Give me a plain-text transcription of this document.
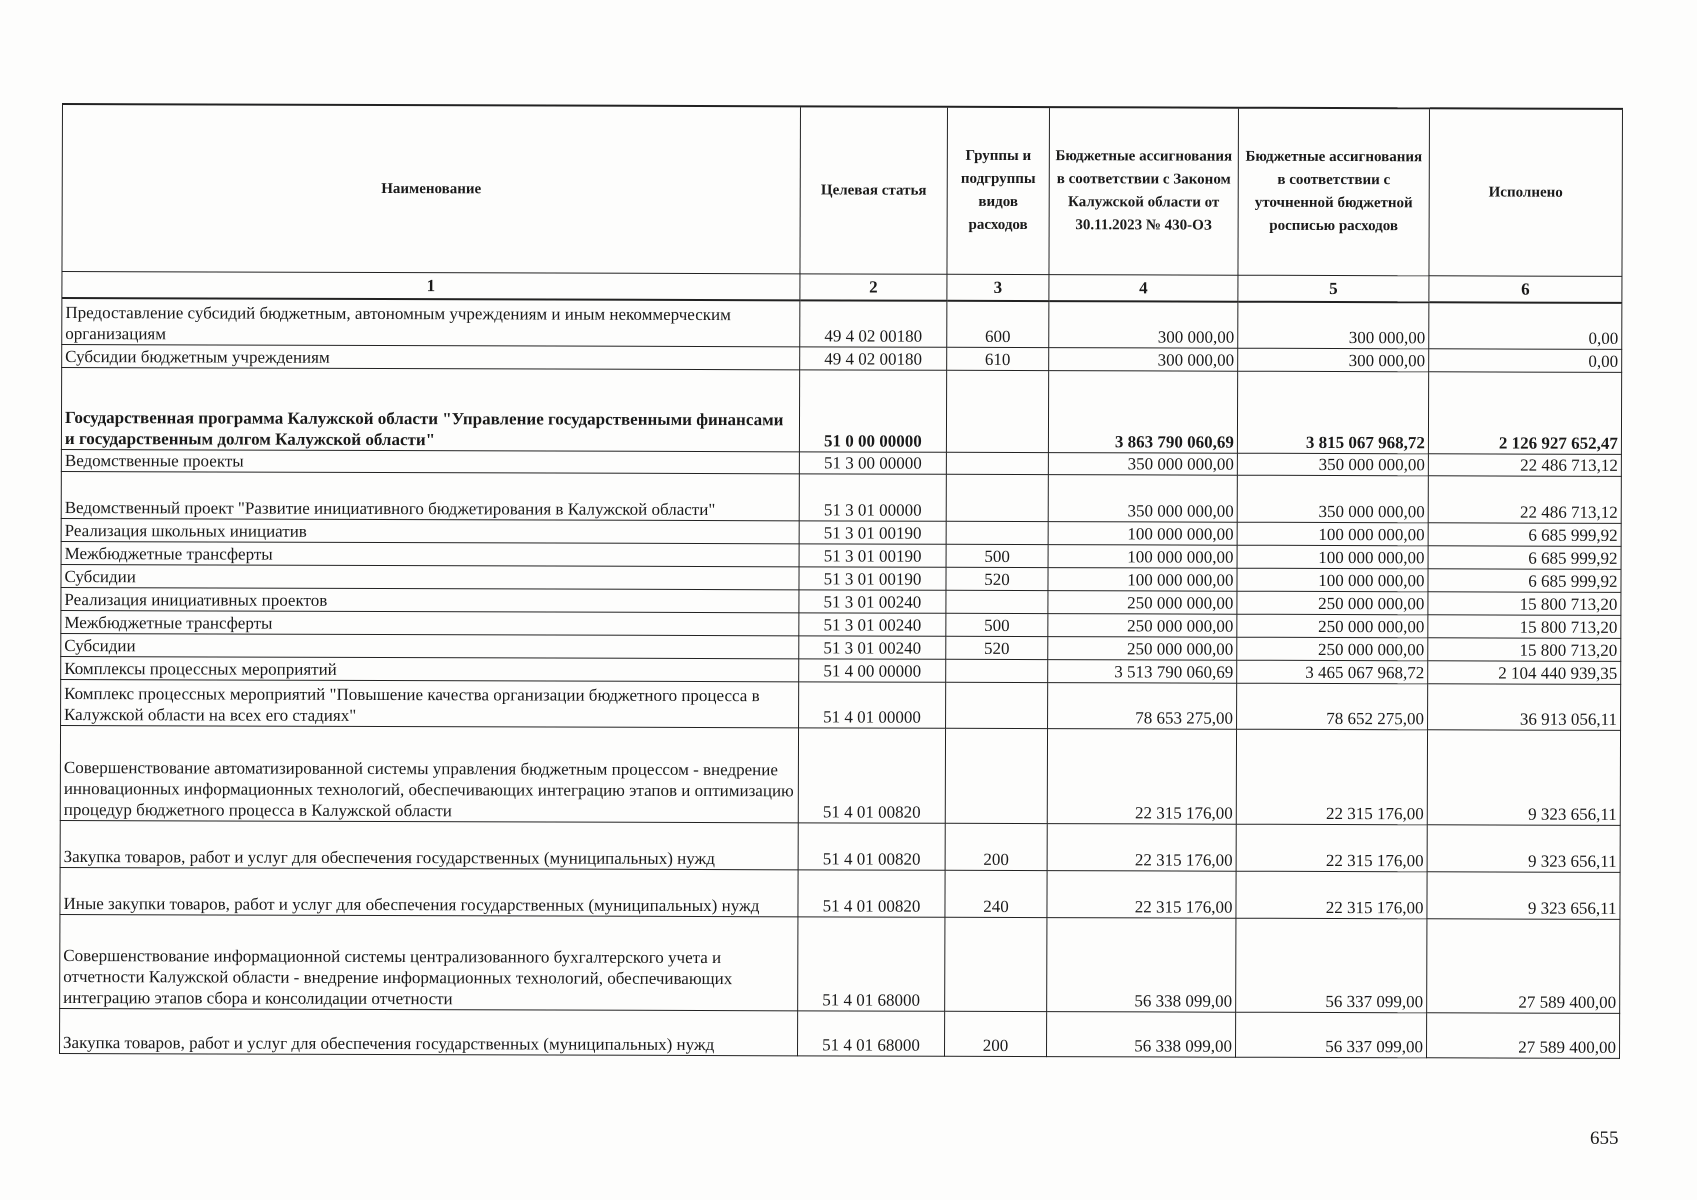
Наименование	Целевая статья	Группы и подгруппы видов расходов	Бюджетные ассигнования в соответствии с Законом Калужской области от 30.11.2023 № 430-ОЗ	Бюджетные ассигнования в соответствии с уточненной бюджетной росписью расходов	Исполнено
1	2	3	4	5	6
Предоставление субсидий бюджетным, автономным учреждениям и иным некоммерческим организациям	49 4 02 00180	600	300 000,00	300 000,00	0,00
Субсидии бюджетным учреждениям	49 4 02 00180	610	300 000,00	300 000,00	0,00
Государственная программа Калужской области "Управление государственными финансами и государственным долгом Калужской области"	51 0 00 00000		3 863 790 060,69	3 815 067 968,72	2 126 927 652,47
Ведомственные проекты	51 3 00 00000		350 000 000,00	350 000 000,00	22 486 713,12
Ведомственный проект "Развитие инициативного бюджетирования в Калужской области"	51 3 01 00000		350 000 000,00	350 000 000,00	22 486 713,12
Реализация школьных инициатив	51 3 01 00190		100 000 000,00	100 000 000,00	6 685 999,92
Межбюджетные трансферты	51 3 01 00190	500	100 000 000,00	100 000 000,00	6 685 999,92
Субсидии	51 3 01 00190	520	100 000 000,00	100 000 000,00	6 685 999,92
Реализация инициативных проектов	51 3 01 00240		250 000 000,00	250 000 000,00	15 800 713,20
Межбюджетные трансферты	51 3 01 00240	500	250 000 000,00	250 000 000,00	15 800 713,20
Субсидии	51 3 01 00240	520	250 000 000,00	250 000 000,00	15 800 713,20
Комплексы процессных мероприятий	51 4 00 00000		3 513 790 060,69	3 465 067 968,72	2 104 440 939,35
Комплекс процессных мероприятий "Повышение качества организации бюджетного процесса в Калужской области на всех его стадиях"	51 4 01 00000		78 653 275,00	78 652 275,00	36 913 056,11
Совершенствование автоматизированной системы управления бюджетным процессом - внедрение инновационных информационных технологий, обеспечивающих интеграцию этапов и оптимизацию процедур бюджетного процесса в Калужской области	51 4 01 00820		22 315 176,00	22 315 176,00	9 323 656,11
Закупка товаров, работ и услуг для обеспечения государственных (муниципальных) нужд	51 4 01 00820	200	22 315 176,00	22 315 176,00	9 323 656,11
Иные закупки товаров, работ и услуг для обеспечения государственных (муниципальных) нужд	51 4 01 00820	240	22 315 176,00	22 315 176,00	9 323 656,11
Совершенствование информационной системы централизованного бухгалтерского учета и отчетности Калужской области - внедрение информационных технологий, обеспечивающих интеграцию этапов сбора и консолидации отчетности	51 4 01 68000		56 338 099,00	56 337 099,00	27 589 400,00
Закупка товаров, работ и услуг для обеспечения государственных (муниципальных) нужд	51 4 01 68000	200	56 338 099,00	56 337 099,00	27 589 400,00
655
